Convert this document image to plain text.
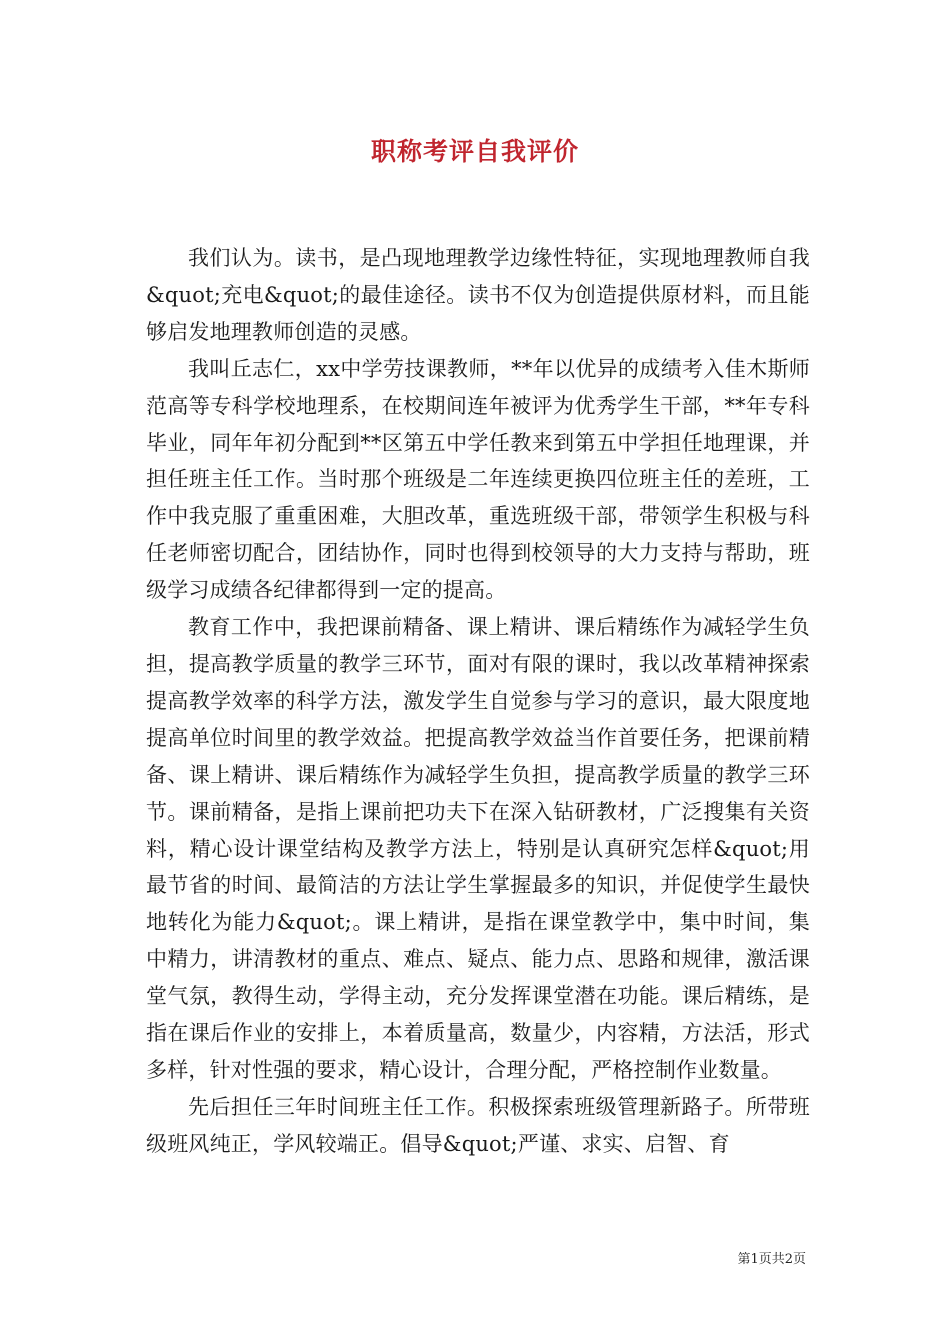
职称考评自我评价

我们认为。读书，是凸现地理教学边缘性特征，实现地理教师自我&quot;充电&quot;的最佳途径。读书不仅为创造提供原材料，而且能够启发地理教师创造的灵感。

我叫丘志仁，xx中学劳技课教师，**年以优异的成绩考入佳木斯师范高等专科学校地理系，在校期间连年被评为优秀学生干部，**年专科毕业，同年年初分配到**区第五中学任教来到第五中学担任地理课，并担任班主任工作。当时那个班级是二年连续更换四位班主任的差班，工作中我克服了重重困难，大胆改革，重选班级干部，带领学生积极与科任老师密切配合，团结协作，同时也得到校领导的大力支持与帮助，班级学习成绩各纪律都得到一定的提高。

教育工作中，我把课前精备、课上精讲、课后精练作为减轻学生负担，提高教学质量的教学三环节，面对有限的课时，我以改革精神探索提高教学效率的科学方法，激发学生自觉参与学习的意识，最大限度地提高单位时间里的教学效益。把提高教学效益当作首要任务，把课前精备、课上精讲、课后精练作为减轻学生负担，提高教学质量的教学三环节。课前精备，是指上课前把功夫下在深入钻研教材，广泛搜集有关资料，精心设计课堂结构及教学方法上，特别是认真研究怎样&quot;用最节省的时间、最简洁的方法让学生掌握最多的知识，并促使学生最快地转化为能力&quot;。课上精讲，是指在课堂教学中，集中时间，集中精力，讲清教材的重点、难点、疑点、能力点、思路和规律，激活课堂气氛，教得生动，学得主动，充分发挥课堂潜在功能。课后精练，是指在课后作业的安排上，本着质量高，数量少，内容精，方法活，形式多样，针对性强的要求，精心设计，合理分配，严格控制作业数量。

先后担任三年时间班主任工作。积极探索班级管理新路子。所带班级班风纯正，学风较端正。倡导&quot;严谨、求实、启智、育

第1页共2页
